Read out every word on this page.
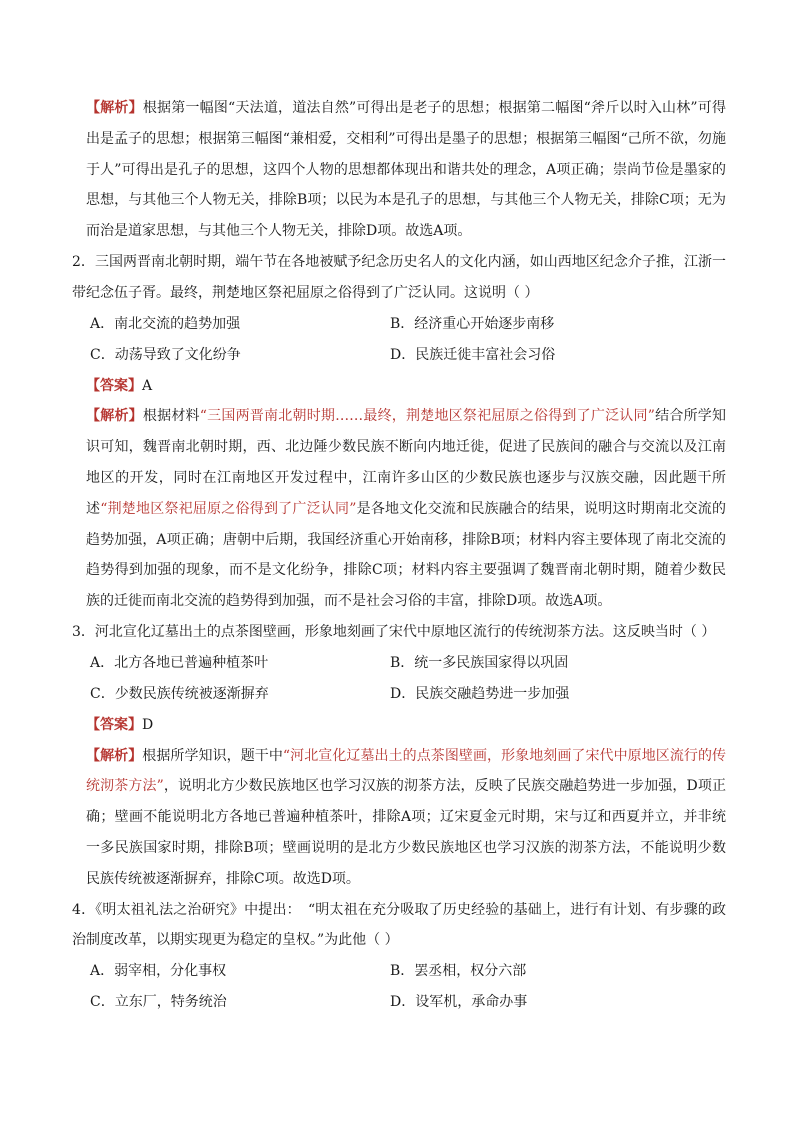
【解析】根据第一幅图“天法道，道法自然”可得出是老子的思想；根据第二幅图“斧斤以时入山林”可得出是孟子的思想；根据第三幅图“兼相爱，交相利”可得出是墨子的思想；根据第三幅图“己所不欲，勿施于人”可得出是孔子的思想，这四个人物的思想都体现出和谐共处的理念，A项正确；崇尚节俭是墨家的思想，与其他三个人物无关，排除B项；以民为本是孔子的思想，与其他三个人物无关，排除C项；无为而治是道家思想，与其他三个人物无关，排除D项。故选A项。

2．三国两晋南北朝时期，端午节在各地被赋予纪念历史名人的文化内涵，如山西地区纪念介子推，江浙一带纪念伍子胥。最终，荆楚地区祭祀屈原之俗得到了广泛认同。这说明（ ）

A．南北交流的趋势加强	B．经济重心开始逐步南移
C．动荡导致了文化纷争	D．民族迁徙丰富社会习俗

【答案】A

【解析】根据材料“三国两晋南北朝时期……最终，荆楚地区祭祀屈原之俗得到了广泛认同”结合所学知识可知，魏晋南北朝时期，西、北边陲少数民族不断向内地迁徙，促进了民族间的融合与交流以及江南地区的开发，同时在江南地区开发过程中，江南许多山区的少数民族也逐步与汉族交融，因此题干所述“荆楚地区祭祀屈原之俗得到了广泛认同”是各地文化交流和民族融合的结果，说明这时期南北交流的趋势加强，A项正确；唐朝中后期，我国经济重心开始南移，排除B项；材料内容主要体现了南北交流的趋势得到加强的现象，而不是文化纷争，排除C项；材料内容主要强调了魏晋南北朝时期，随着少数民族的迁徙而南北交流的趋势得到加强，而不是社会习俗的丰富，排除D项。故选A项。

3．河北宣化辽墓出土的点茶图壁画，形象地刻画了宋代中原地区流行的传统沏茶方法。这反映当时（ ）

A．北方各地已普遍种植茶叶	B．统一多民族国家得以巩固
C．少数民族传统被逐渐摒弃	D．民族交融趋势进一步加强

【答案】D

【解析】根据所学知识，题干中“河北宣化辽墓出土的点茶图壁画，形象地刻画了宋代中原地区流行的传统沏茶方法”，说明北方少数民族地区也学习汉族的沏茶方法，反映了民族交融趋势进一步加强，D项正确；壁画不能说明北方各地已普遍种植茶叶，排除A项；辽宋夏金元时期，宋与辽和西夏并立，并非统一多民族国家时期，排除B项；壁画说明的是北方少数民族地区也学习汉族的沏茶方法，不能说明少数民族传统被逐渐摒弃，排除C项。故选D项。

4．《明太祖礼法之治研究》中提出：　“明太祖在充分吸取了历史经验的基础上，进行有计划、有步骤的政治制度改革，以期实现更为稳定的皇权。”为此他（ ）

A．弱宰相，分化事权	B．罢丞相，权分六部
C．立东厂，特务统治	D．设军机，承命办事
